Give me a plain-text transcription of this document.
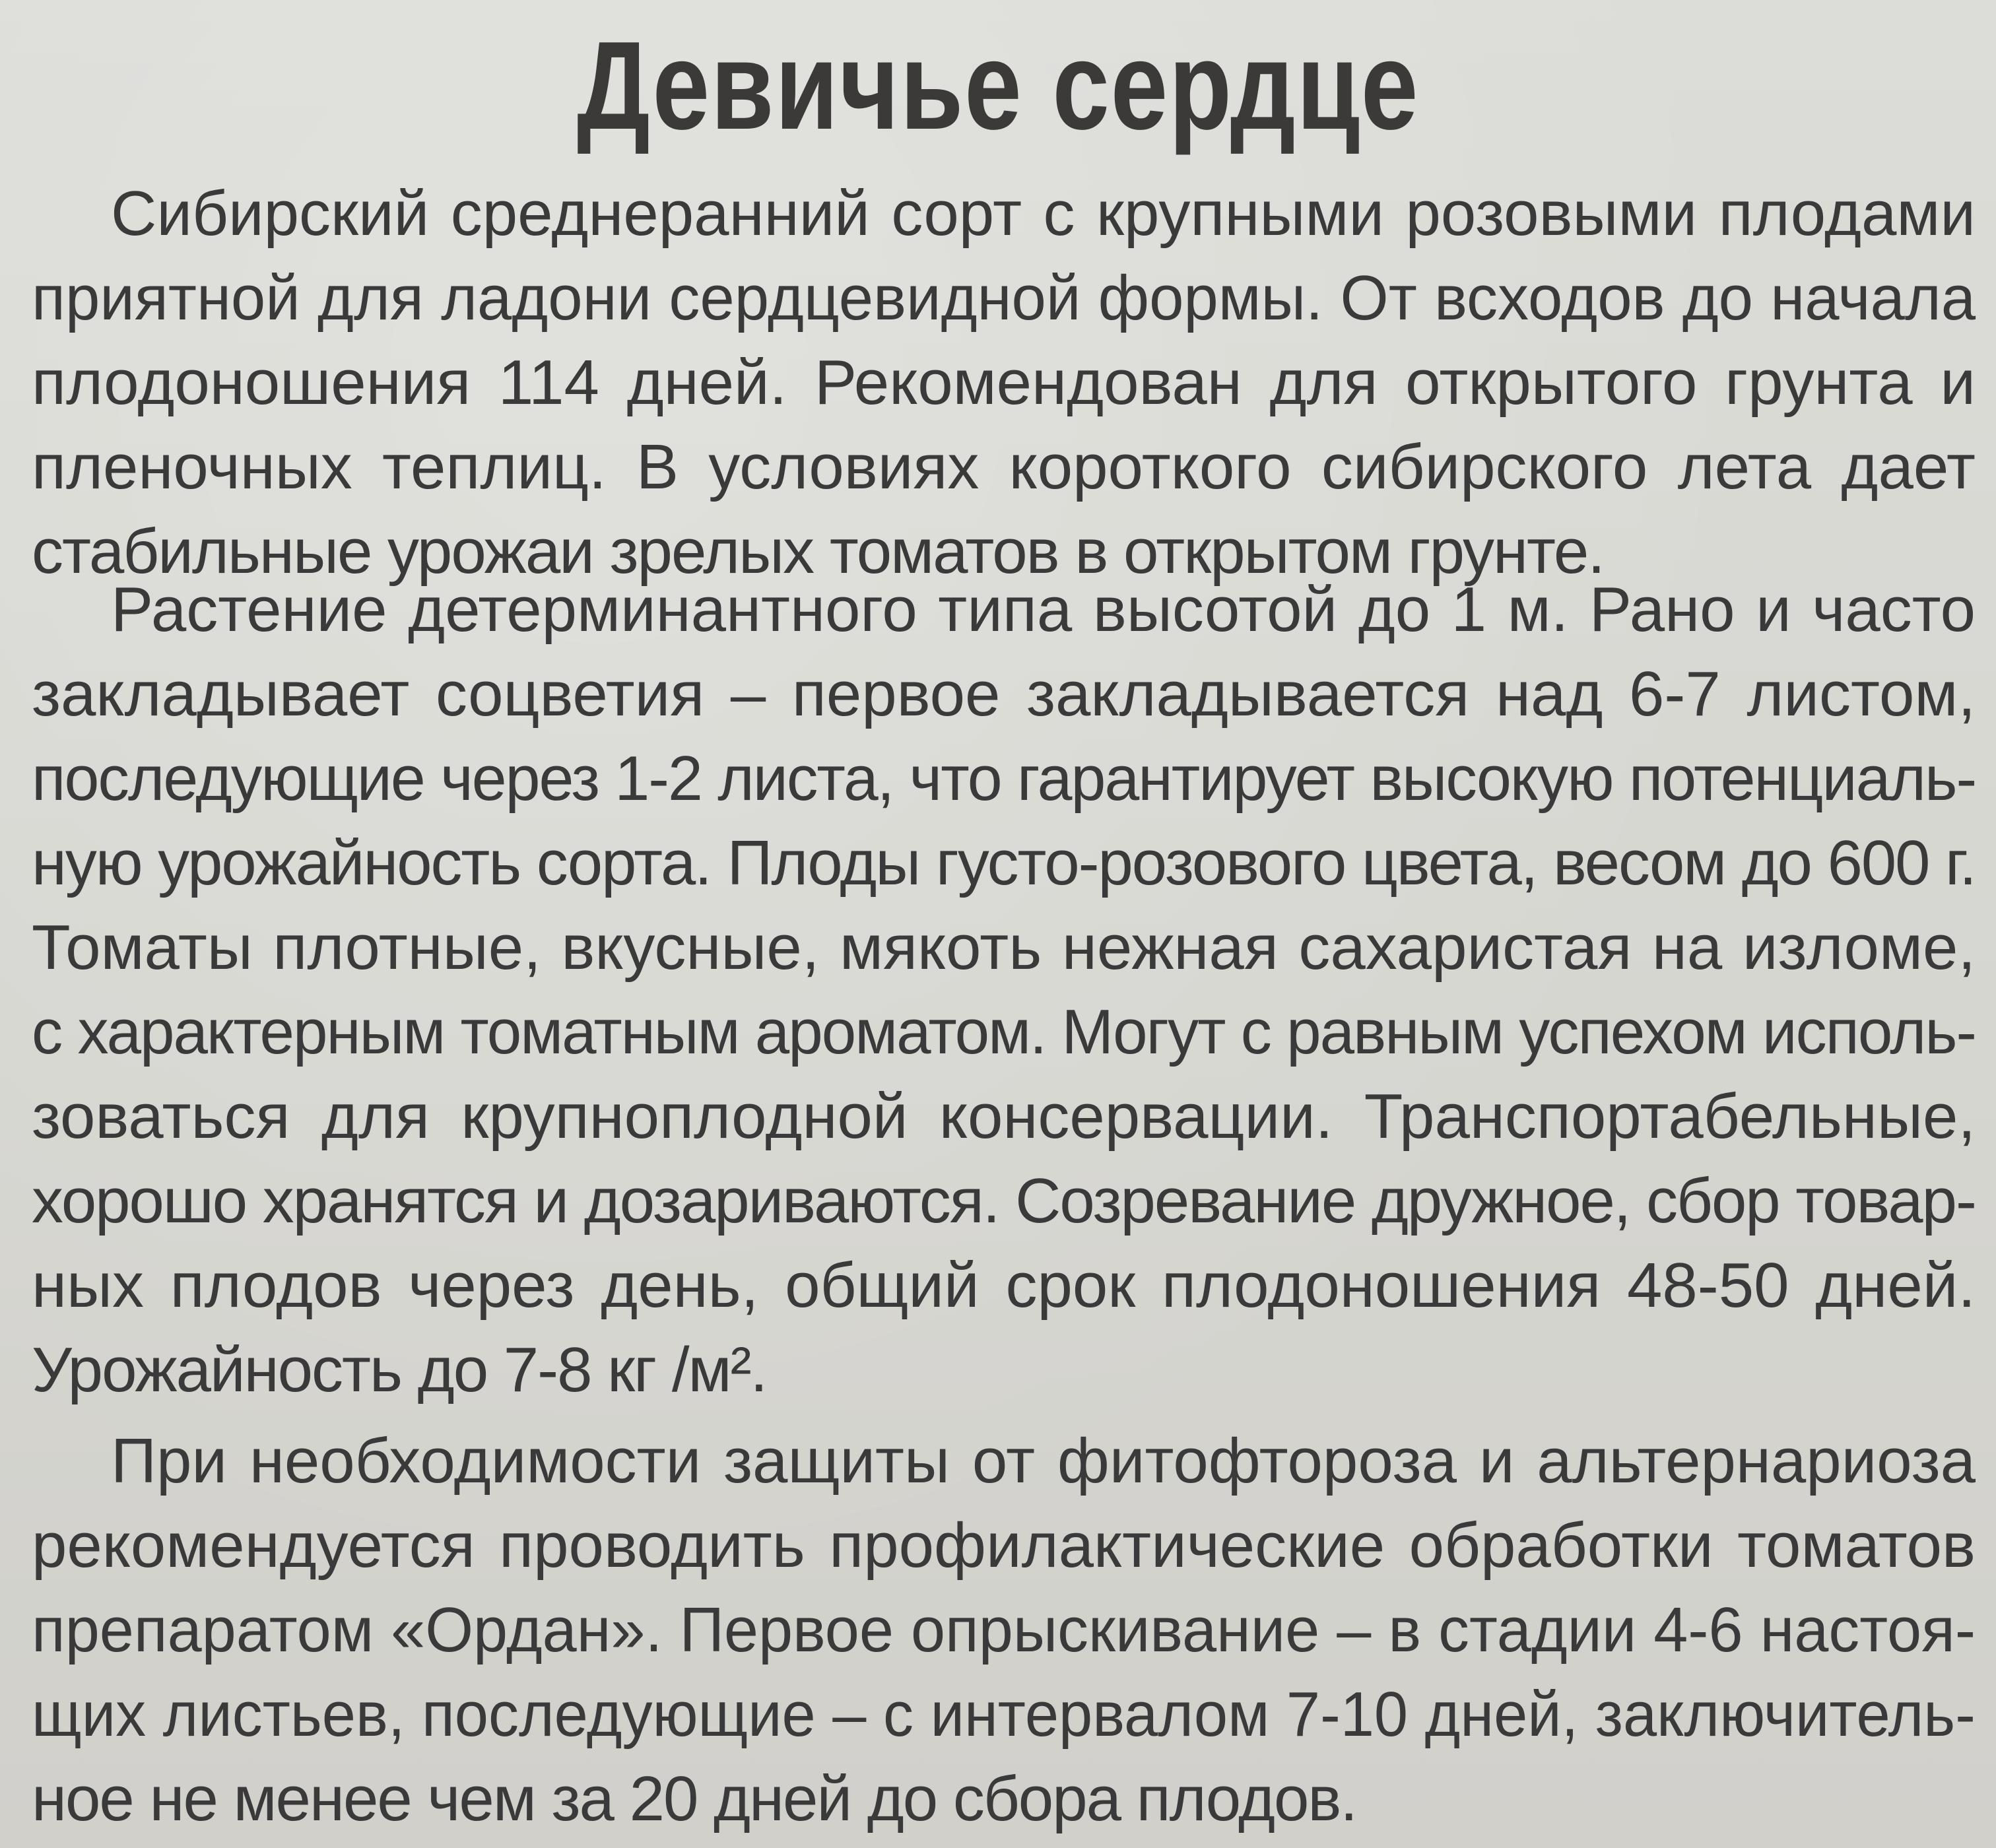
Девичье сердце
Сибирский среднеранний сорт с крупными розовыми плодами
приятной для ладони сердцевидной формы. От всходов до начала
плодоношения 114 дней. Рекомендован для открытого грунта и
пленочных теплиц. В условиях короткого сибирского лета дает
стабильные урожаи зрелых томатов в открытом грунте.
Растение детерминантного типа высотой до 1 м. Рано и часто
закладывает соцветия – первое закладывается над 6-7 листом,
последующие через 1-2 листа, что гарантирует высокую потенциаль-
ную урожайность сорта. Плоды густо-розового цвета, весом до 600 г.
Томаты плотные, вкусные, мякоть нежная сахаристая на изломе,
с характерным томатным ароматом. Могут с равным успехом исполь-
зоваться для крупноплодной консервации. Транспортабельные,
хорошо хранятся и дозариваются. Созревание дружное, сбор товар-
ных плодов через день, общий срок плодоношения 48-50 дней.
Урожайность до 7-8 кг /м².
При необходимости защиты от фитофтороза и альтернариоза
рекомендуется проводить профилактические обработки томатов
препаратом «Ордан». Первое опрыскивание – в стадии 4-6 настоя-
щих листьев, последующие – с интервалом 7-10 дней, заключитель-
ное не менее чем за 20 дней до сбора плодов.
